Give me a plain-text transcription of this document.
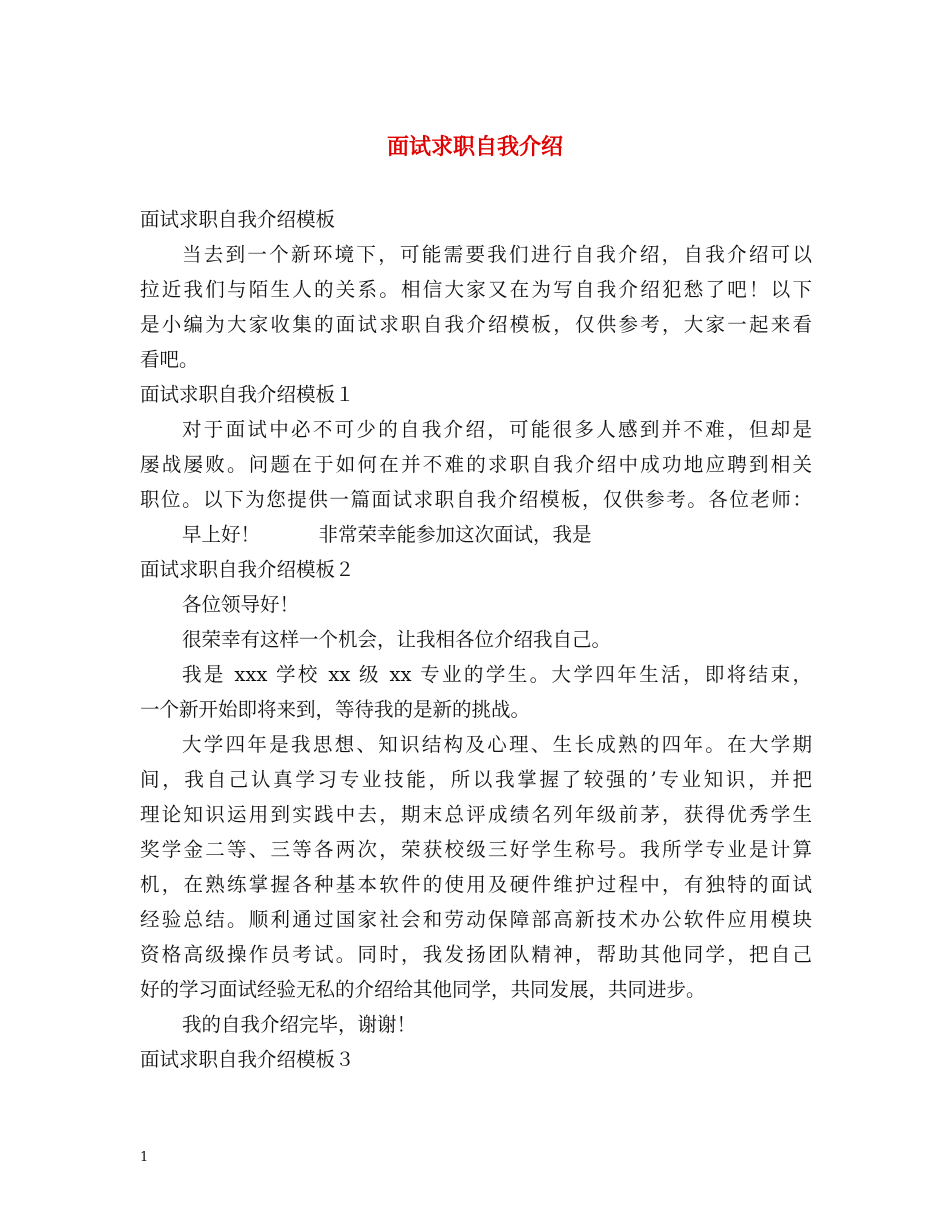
面试求职自我介绍
面试求职自我介绍模板
当去到一个新环境下，可能需要我们进行自我介绍，自我介绍可以
拉近我们与陌生人的关系。相信大家又在为写自我介绍犯愁了吧！以下
是小编为大家收集的面试求职自我介绍模板，仅供参考，大家一起来看
看吧。
面试求职自我介绍模板１
对于面试中必不可少的自我介绍，可能很多人感到并不难，但却是
屡战屡败。问题在于如何在并不难的求职自我介绍中成功地应聘到相关
职位。以下为您提供一篇面试求职自我介绍模板，仅供参考。各位老师：
早上好！　　　非常荣幸能参加这次面试，我是
面试求职自我介绍模板２
各位领导好！
很荣幸有这样一个机会，让我相各位介绍我自己。
我是 xxx 学校 xx 级 xx 专业的学生。大学四年生活，即将结束，
一个新开始即将来到，等待我的是新的挑战。
大学四年是我思想、知识结构及心理、生长成熟的四年。在大学期
间，我自己认真学习专业技能，所以我掌握了较强的’专业知识，并把
理论知识运用到实践中去，期末总评成绩名列年级前茅，获得优秀学生
奖学金二等、三等各两次，荣获校级三好学生称号。我所学专业是计算
机，在熟练掌握各种基本软件的使用及硬件维护过程中，有独特的面试
经验总结。顺利通过国家社会和劳动保障部高新技术办公软件应用模块
资格高级操作员考试。同时，我发扬团队精神，帮助其他同学，把自己
好的学习面试经验无私的介绍给其他同学，共同发展，共同进步。
我的自我介绍完毕，谢谢！
面试求职自我介绍模板３
1
